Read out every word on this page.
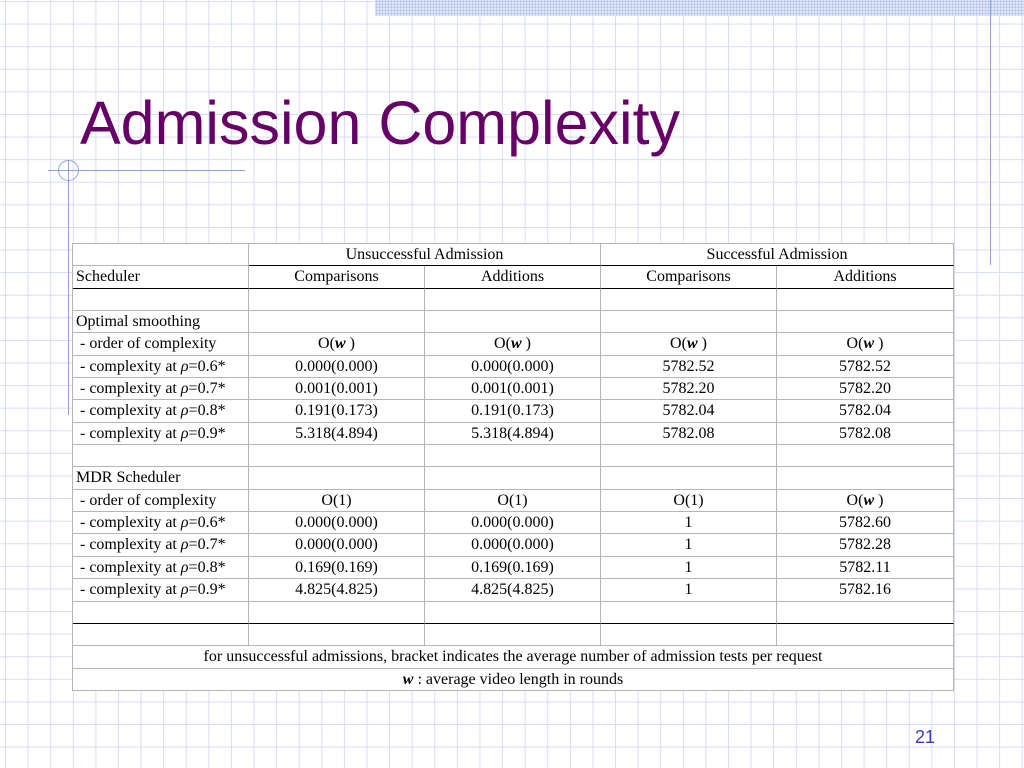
Admission Complexity
Unsuccessful Admission	Successful Admission
Scheduler	Comparisons	Additions	Comparisons	Additions
Optimal smoothing
- order of complexity	O(w )	O(w )	O(w )	O(w )
- complexity at ρ=0.6*	0.000(0.000)	0.000(0.000)	5782.52	5782.52
- complexity at ρ=0.7*	0.001(0.001)	0.001(0.001)	5782.20	5782.20
- complexity at ρ=0.8*	0.191(0.173)	0.191(0.173)	5782.04	5782.04
- complexity at ρ=0.9*	5.318(4.894)	5.318(4.894)	5782.08	5782.08
MDR Scheduler
- order of complexity	O(1)	O(1)	O(1)	O(w )
- complexity at ρ=0.6*	0.000(0.000)	0.000(0.000)	1	5782.60
- complexity at ρ=0.7*	0.000(0.000)	0.000(0.000)	1	5782.28
- complexity at ρ=0.8*	0.169(0.169)	0.169(0.169)	1	5782.11
- complexity at ρ=0.9*	4.825(4.825)	4.825(4.825)	1	5782.16
for unsuccessful admissions, bracket indicates the average number of admission tests per request
w : average video length in rounds
21
